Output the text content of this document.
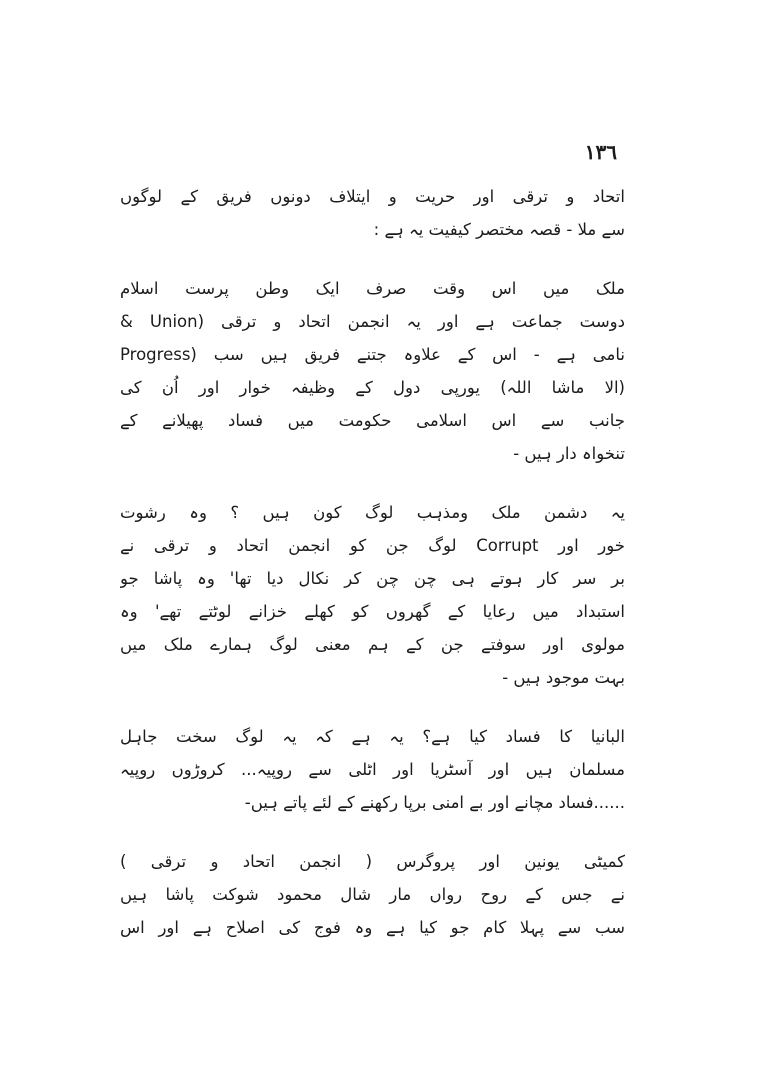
١٣٦
اتحاد و ترقی اور حریت و ایتلاف دونوں فریق کے لوگوں
سے ملا - قصہ مختصر کیفیت یہ ہے :
ملک میں اس وقت صرف ایک وطن پرست اسلام
دوست جماعت ہے اور یہ انجمن اتحاد و ترقی (Union &
Progress) نامی ہے - اس کے علاوہ جتنے فریق ہیں سب
(الا ماشا اللہ) یورپی دول کے وظیفہ خوار اور اُن کی
جانب سے اس اسلامی حکومت میں فساد پھیلانے کے
تنخواہ دار ہیں -
یہ دشمن ملک ومذہب لوگ کون ہیں ؟ وہ رشوت
خور اور Corrupt لوگ جن کو انجمن اتحاد و ترقی نے
بر سر کار ہوتے ہی چن چن کر نکال دیا تھا' وہ پاشا جو
استبداد میں رعایا کے گھروں کو کھلے خزانے لوٹتے تھے' وہ
مولوی اور سوفتے جن کے ہم معنی لوگ ہمارے ملک میں
بہت موجود ہیں -
البانیا کا فساد کیا ہے؟ یہ ہے کہ یہ لوگ سخت جاہل
مسلمان ہیں اور آسٹریا اور اٹلی سے روپیہ... کروڑوں روپیہ
......فساد مچانے اور بے امنی برپا رکھنے کے لئے پاتے ہیں-
کمیٹی یونین اور پروگرس ( انجمن اتحاد و ترقی )
نے جس کے روح رواں مار شال محمود شوکت پاشا ہیں
سب سے پہلا کام جو کیا ہے وہ فوج کی اصلاح ہے اور اس
